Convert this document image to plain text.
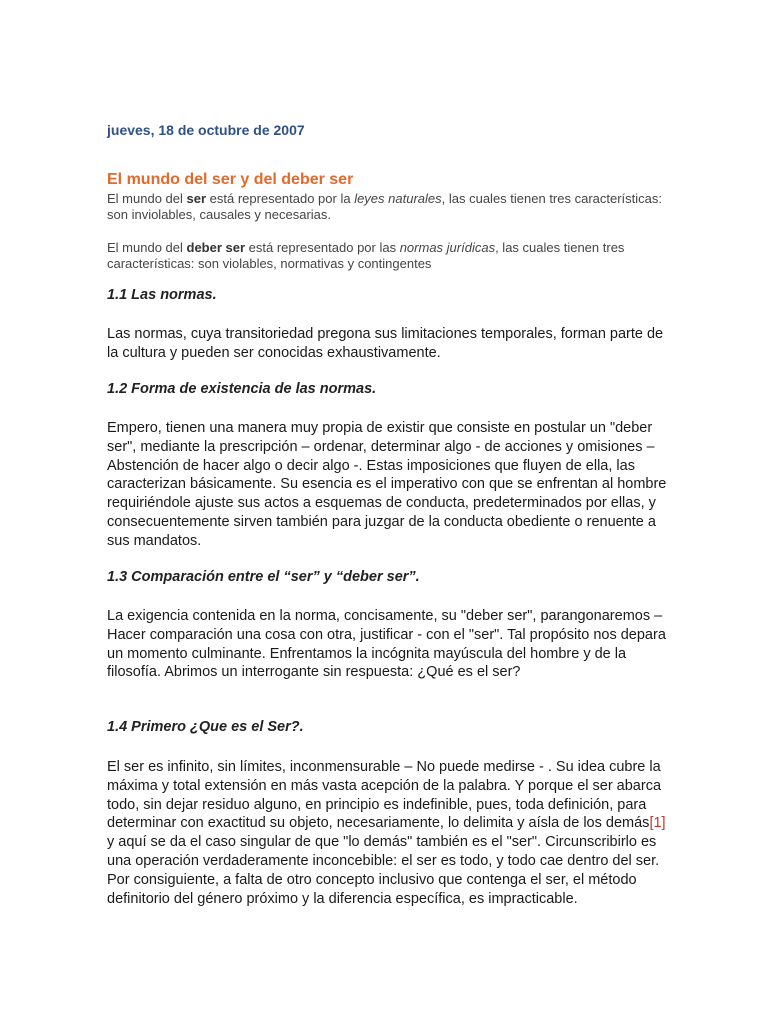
jueves, 18 de octubre de 2007
El mundo del ser y del deber ser

El mundo del ser está representado por la leyes naturales, las cuales tienen tres características: son inviolables, causales y necesarias.

El mundo del deber ser está representado por las normas jurídicas, las cuales tienen tres características: son violables, normativas y contingentes

1.1 Las normas.

Las normas, cuya transitoriedad pregona sus limitaciones temporales, forman parte de la cultura y pueden ser conocidas exhaustivamente.

1.2 Forma de existencia de las normas.

Empero, tienen una manera muy propia de existir que consiste en postular un "deber ser", mediante la prescripción – ordenar, determinar algo - de acciones y omisiones – Abstención de hacer algo o decir algo -. Estas imposiciones que fluyen de ella, las caracterizan básicamente. Su esencia es el imperativo con que se enfrentan al hombre requiriéndole ajuste sus actos a esquemas de conducta, predeterminados por ellas, y consecuentemente sirven también para juzgar de la conducta obediente o renuente a sus mandatos.

1.3 Comparación entre el “ser” y “deber ser”.

La exigencia contenida en la norma, concisamente, su "deber ser", parangonaremos – Hacer comparación una cosa con otra, justificar - con el "ser". Tal propósito nos depara un momento culminante. Enfrentamos la incógnita mayúscula del hombre y de la filosofía. Abrimos un interrogante sin respuesta: ¿Qué es el ser?

1.4 Primero ¿Que es el Ser?.

El ser es infinito, sin límites, inconmensurable – No puede medirse - . Su idea cubre la máxima y total extensión en más vasta acepción de la palabra. Y porque el ser abarca todo, sin dejar residuo alguno, en principio es indefinible, pues, toda definición, para determinar con exactitud su objeto, necesariamente, lo delimita y aísla de los demás[1] y aquí se da el caso singular de que "lo demás" también es el "ser". Circunscribirlo es una operación verdaderamente inconcebible: el ser es todo, y todo cae dentro del ser. Por consiguiente, a falta de otro concepto inclusivo que contenga el ser, el método definitorio del género próximo y la diferencia específica, es impracticable.
